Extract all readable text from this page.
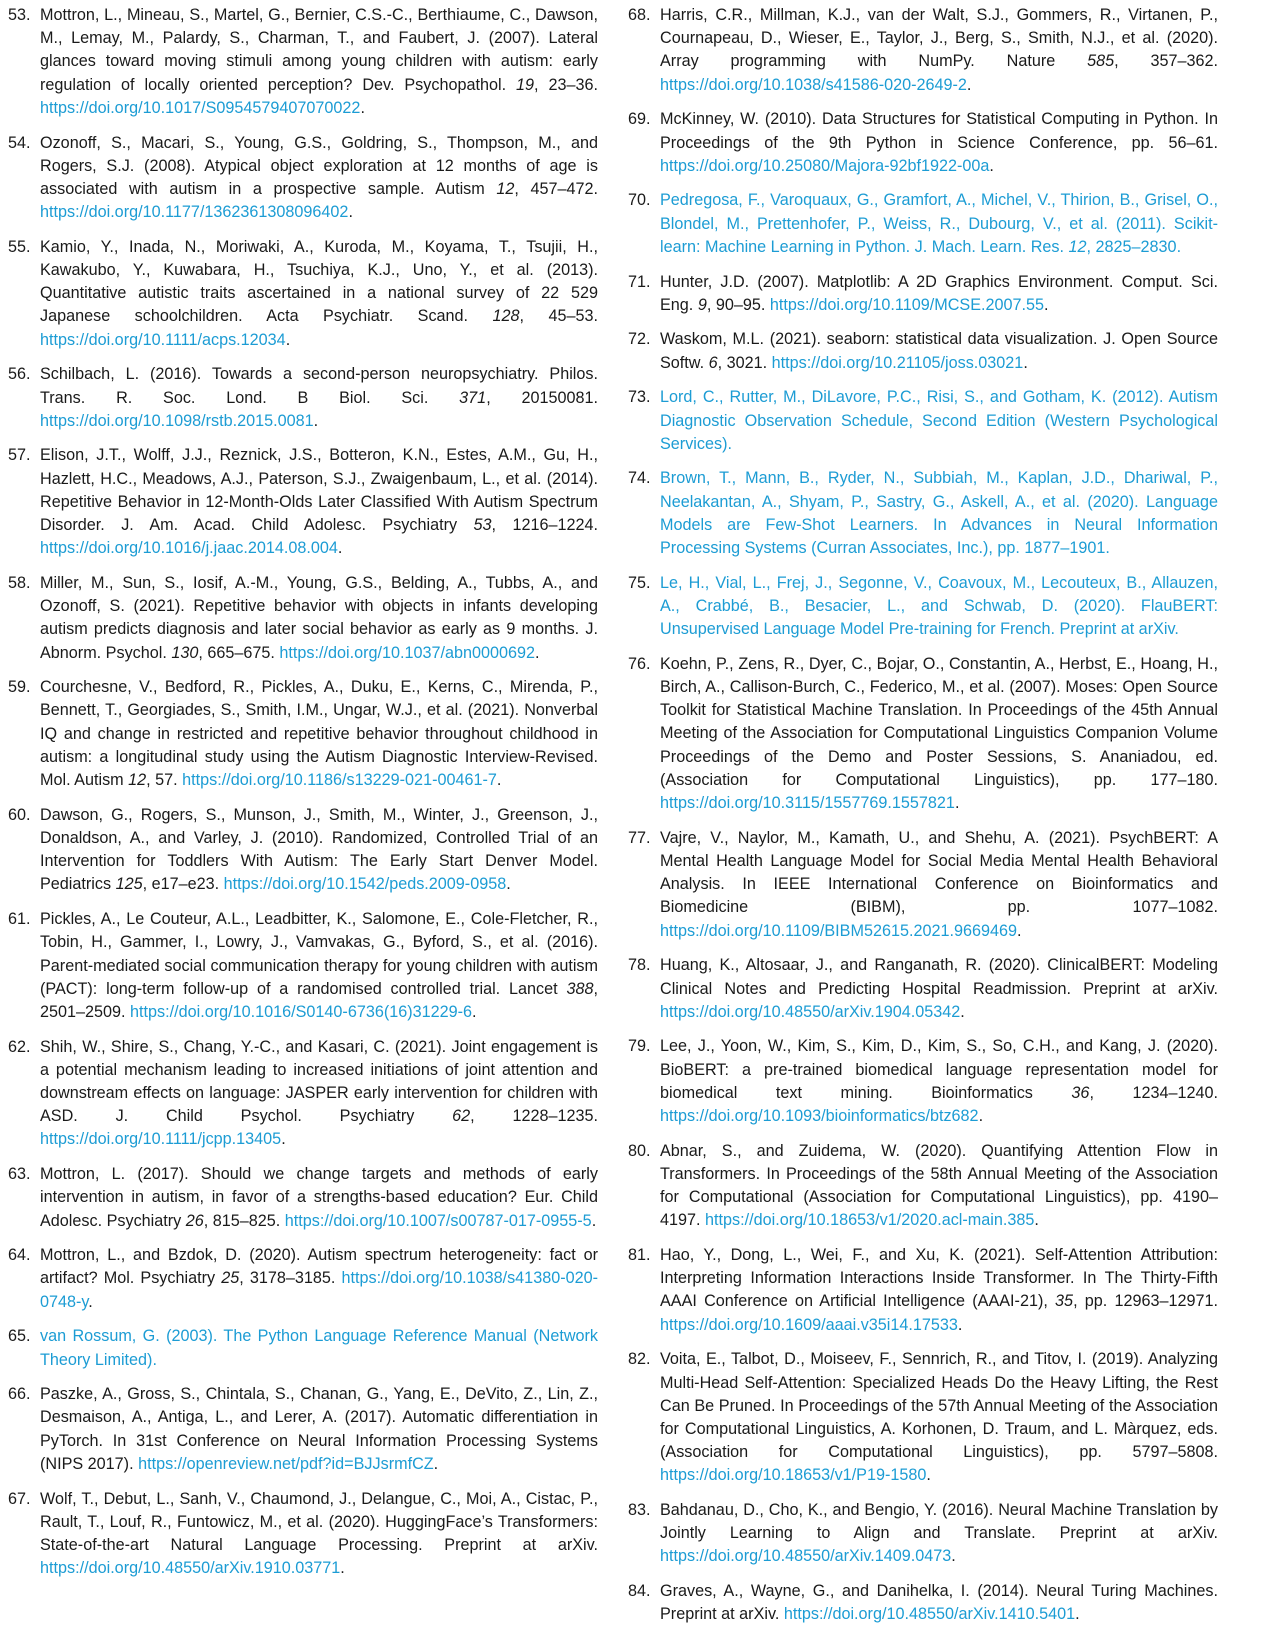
53. Mottron, L., Mineau, S., Martel, G., Bernier, C.S.-C., Berthiaume, C., Dawson, M., Lemay, M., Palardy, S., Charman, T., and Faubert, J. (2007). Lateral glances toward moving stimuli among young children with autism: early regulation of locally oriented perception? Dev. Psychopathol. 19, 23–36. https://doi.org/10.1017/S0954579407070022.
54. Ozonoff, S., Macari, S., Young, G.S., Goldring, S., Thompson, M., and Rogers, S.J. (2008). Atypical object exploration at 12 months of age is associated with autism in a prospective sample. Autism 12, 457–472. https://doi.org/10.1177/1362361308096402.
55. Kamio, Y., Inada, N., Moriwaki, A., Kuroda, M., Koyama, T., Tsujii, H., Kawakubo, Y., Kuwabara, H., Tsuchiya, K.J., Uno, Y., et al. (2013). Quantitative autistic traits ascertained in a national survey of 22 529 Japanese schoolchildren. Acta Psychiatr. Scand. 128, 45–53. https://doi.org/10.1111/acps.12034.
56. Schilbach, L. (2016). Towards a second-person neuropsychiatry. Philos. Trans. R. Soc. Lond. B Biol. Sci. 371, 20150081. https://doi.org/10.1098/rstb.2015.0081.
57. Elison, J.T., Wolff, J.J., Reznick, J.S., Botteron, K.N., Estes, A.M., Gu, H., Hazlett, H.C., Meadows, A.J., Paterson, S.J., Zwaigenbaum, L., et al. (2014). Repetitive Behavior in 12-Month-Olds Later Classified With Autism Spectrum Disorder. J. Am. Acad. Child Adolesc. Psychiatry 53, 1216–1224. https://doi.org/10.1016/j.jaac.2014.08.004.
58. Miller, M., Sun, S., Iosif, A.-M., Young, G.S., Belding, A., Tubbs, A., and Ozonoff, S. (2021). Repetitive behavior with objects in infants developing autism predicts diagnosis and later social behavior as early as 9 months. J. Abnorm. Psychol. 130, 665–675. https://doi.org/10.1037/abn0000692.
59. Courchesne, V., Bedford, R., Pickles, A., Duku, E., Kerns, C., Mirenda, P., Bennett, T., Georgiades, S., Smith, I.M., Ungar, W.J., et al. (2021). Nonverbal IQ and change in restricted and repetitive behavior throughout childhood in autism: a longitudinal study using the Autism Diagnostic Interview-Revised. Mol. Autism 12, 57. https://doi.org/10.1186/s13229-021-00461-7.
60. Dawson, G., Rogers, S., Munson, J., Smith, M., Winter, J., Greenson, J., Donaldson, A., and Varley, J. (2010). Randomized, Controlled Trial of an Intervention for Toddlers With Autism: The Early Start Denver Model. Pediatrics 125, e17–e23. https://doi.org/10.1542/peds.2009-0958.
61. Pickles, A., Le Couteur, A.L., Leadbitter, K., Salomone, E., Cole-Fletcher, R., Tobin, H., Gammer, I., Lowry, J., Vamvakas, G., Byford, S., et al. (2016). Parent-mediated social communication therapy for young children with autism (PACT): long-term follow-up of a randomised controlled trial. Lancet 388, 2501–2509. https://doi.org/10.1016/S0140-6736(16)31229-6.
62. Shih, W., Shire, S., Chang, Y.-C., and Kasari, C. (2021). Joint engagement is a potential mechanism leading to increased initiations of joint attention and downstream effects on language: JASPER early intervention for children with ASD. J. Child Psychol. Psychiatry 62, 1228–1235. https://doi.org/10.1111/jcpp.13405.
63. Mottron, L. (2017). Should we change targets and methods of early intervention in autism, in favor of a strengths-based education? Eur. Child Adolesc. Psychiatry 26, 815–825. https://doi.org/10.1007/s00787-017-0955-5.
64. Mottron, L., and Bzdok, D. (2020). Autism spectrum heterogeneity: fact or artifact? Mol. Psychiatry 25, 3178–3185. https://doi.org/10.1038/s41380-020-0748-y.
65. van Rossum, G. (2003). The Python Language Reference Manual (Network Theory Limited).
66. Paszke, A., Gross, S., Chintala, S., Chanan, G., Yang, E., DeVito, Z., Lin, Z., Desmaison, A., Antiga, L., and Lerer, A. (2017). Automatic differentiation in PyTorch. In 31st Conference on Neural Information Processing Systems (NIPS 2017). https://openreview.net/pdf?id=BJJsrmfCZ.
67. Wolf, T., Debut, L., Sanh, V., Chaumond, J., Delangue, C., Moi, A., Cistac, P., Rault, T., Louf, R., Funtowicz, M., et al. (2020). HuggingFace’s Transformers: State-of-the-art Natural Language Processing. Preprint at arXiv. https://doi.org/10.48550/arXiv.1910.03771.
68. Harris, C.R., Millman, K.J., van der Walt, S.J., Gommers, R., Virtanen, P., Cournapeau, D., Wieser, E., Taylor, J., Berg, S., Smith, N.J., et al. (2020). Array programming with NumPy. Nature 585, 357–362. https://doi.org/10.1038/s41586-020-2649-2.
69. McKinney, W. (2010). Data Structures for Statistical Computing in Python. In Proceedings of the 9th Python in Science Conference, pp. 56–61. https://doi.org/10.25080/Majora-92bf1922-00a.
70. Pedregosa, F., Varoquaux, G., Gramfort, A., Michel, V., Thirion, B., Grisel, O., Blondel, M., Prettenhofer, P., Weiss, R., Dubourg, V., et al. (2011). Scikit-learn: Machine Learning in Python. J. Mach. Learn. Res. 12, 2825–2830.
71. Hunter, J.D. (2007). Matplotlib: A 2D Graphics Environment. Comput. Sci. Eng. 9, 90–95. https://doi.org/10.1109/MCSE.2007.55.
72. Waskom, M.L. (2021). seaborn: statistical data visualization. J. Open Source Softw. 6, 3021. https://doi.org/10.21105/joss.03021.
73. Lord, C., Rutter, M., DiLavore, P.C., Risi, S., and Gotham, K. (2012). Autism Diagnostic Observation Schedule, Second Edition (Western Psychological Services).
74. Brown, T., Mann, B., Ryder, N., Subbiah, M., Kaplan, J.D., Dhariwal, P., Neelakantan, A., Shyam, P., Sastry, G., Askell, A., et al. (2020). Language Models are Few-Shot Learners. In Advances in Neural Information Processing Systems (Curran Associates, Inc.), pp. 1877–1901.
75. Le, H., Vial, L., Frej, J., Segonne, V., Coavoux, M., Lecouteux, B., Allauzen, A., Crabbé, B., Besacier, L., and Schwab, D. (2020). FlauBERT: Unsupervised Language Model Pre-training for French. Preprint at arXiv.
76. Koehn, P., Zens, R., Dyer, C., Bojar, O., Constantin, A., Herbst, E., Hoang, H., Birch, A., Callison-Burch, C., Federico, M., et al. (2007). Moses: Open Source Toolkit for Statistical Machine Translation. In Proceedings of the 45th Annual Meeting of the Association for Computational Linguistics Companion Volume Proceedings of the Demo and Poster Sessions, S. Ananiadou, ed. (Association for Computational Linguistics), pp. 177–180. https://doi.org/10.3115/1557769.1557821.
77. Vajre, V., Naylor, M., Kamath, U., and Shehu, A. (2021). PsychBERT: A Mental Health Language Model for Social Media Mental Health Behavioral Analysis. In IEEE International Conference on Bioinformatics and Biomedicine (BIBM), pp. 1077–1082. https://doi.org/10.1109/BIBM52615.2021.9669469.
78. Huang, K., Altosaar, J., and Ranganath, R. (2020). ClinicalBERT: Modeling Clinical Notes and Predicting Hospital Readmission. Preprint at arXiv. https://doi.org/10.48550/arXiv.1904.05342.
79. Lee, J., Yoon, W., Kim, S., Kim, D., Kim, S., So, C.H., and Kang, J. (2020). BioBERT: a pre-trained biomedical language representation model for biomedical text mining. Bioinformatics 36, 1234–1240. https://doi.org/10.1093/bioinformatics/btz682.
80. Abnar, S., and Zuidema, W. (2020). Quantifying Attention Flow in Transformers. In Proceedings of the 58th Annual Meeting of the Association for Computational (Association for Computational Linguistics), pp. 4190–4197. https://doi.org/10.18653/v1/2020.acl-main.385.
81. Hao, Y., Dong, L., Wei, F., and Xu, K. (2021). Self-Attention Attribution: Interpreting Information Interactions Inside Transformer. In The Thirty-Fifth AAAI Conference on Artificial Intelligence (AAAI-21), 35, pp. 12963–12971. https://doi.org/10.1609/aaai.v35i14.17533.
82. Voita, E., Talbot, D., Moiseev, F., Sennrich, R., and Titov, I. (2019). Analyzing Multi-Head Self-Attention: Specialized Heads Do the Heavy Lifting, the Rest Can Be Pruned. In Proceedings of the 57th Annual Meeting of the Association for Computational Linguistics, A. Korhonen, D. Traum, and L. Màrquez, eds. (Association for Computational Linguistics), pp. 5797–5808. https://doi.org/10.18653/v1/P19-1580.
83. Bahdanau, D., Cho, K., and Bengio, Y. (2016). Neural Machine Translation by Jointly Learning to Align and Translate. Preprint at arXiv. https://doi.org/10.48550/arXiv.1409.0473.
84. Graves, A., Wayne, G., and Danihelka, I. (2014). Neural Turing Machines. Preprint at arXiv. https://doi.org/10.48550/arXiv.1410.5401.
